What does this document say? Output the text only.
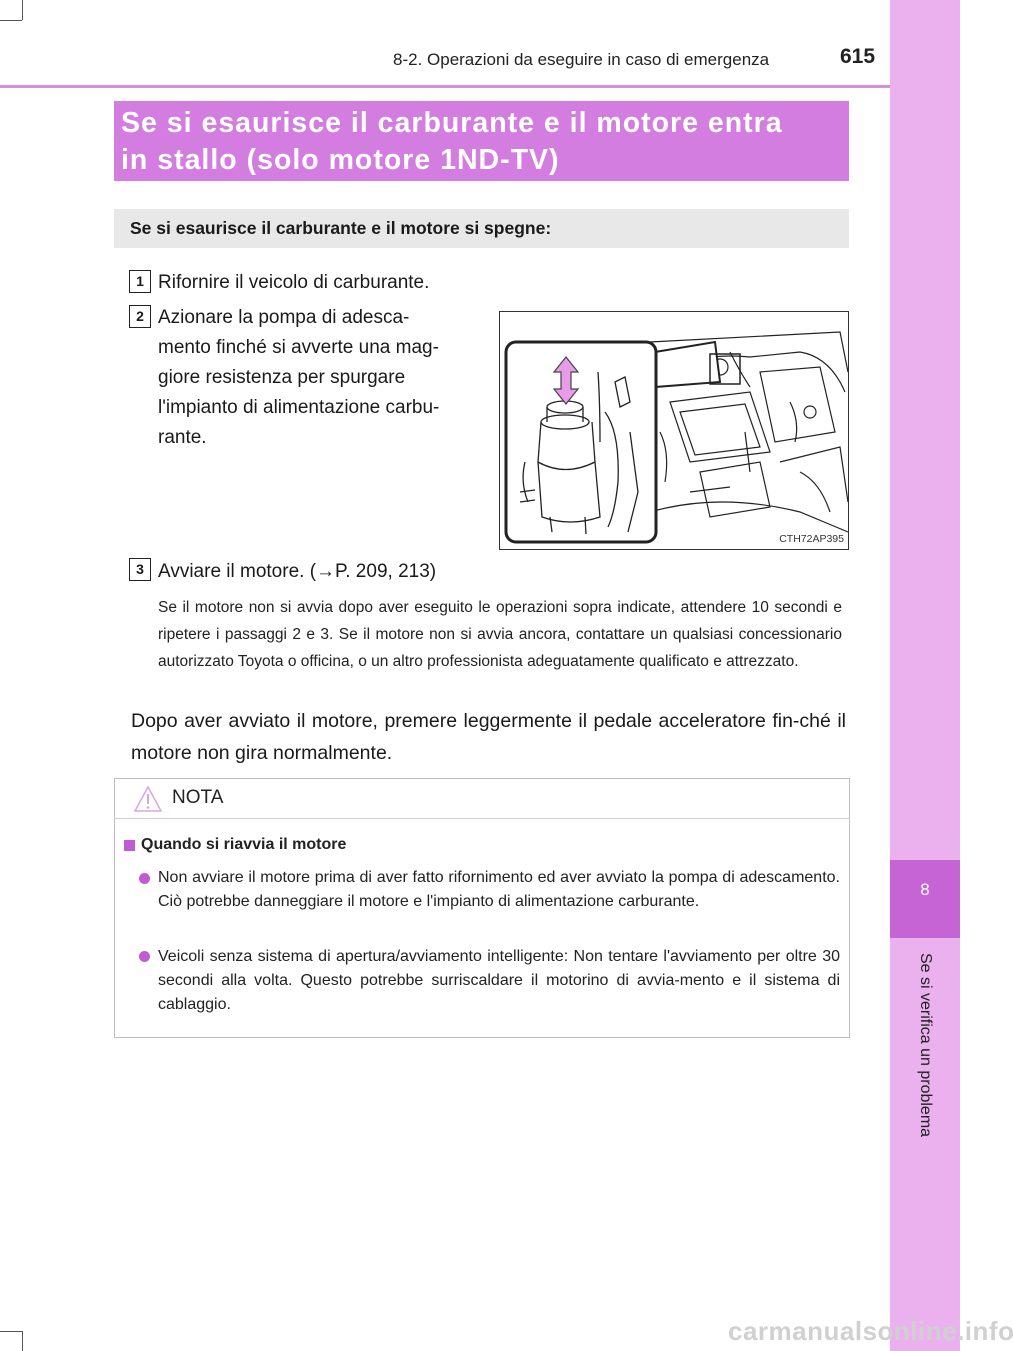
8
Se si verifica un problema
8-2. Operazioni da eseguire in caso di emergenza	615
Se si esaurisce il carburante e il motore entra
in stallo (solo motore 1ND-TV)
Se si esaurisce il carburante e il motore si spegne:
1 Rifornire il veicolo di carburante.
2 Azionare la pompa di adesca-
mento finché si avverte una mag-
giore resistenza per spurgare
l'impianto di alimentazione carbu-
rante.
CTH72AP395
3 Avviare il motore. (→P. 209, 213)
Se il motore non si avvia dopo aver eseguito le operazioni sopra indicate, attendere 10 secondi e ripetere i passaggi 2 e 3. Se il motore non si avvia ancora, contattare un qualsiasi concessionario autorizzato Toyota o officina, o un altro professionista adeguatamente qualificato e attrezzato.
Dopo aver avviato il motore, premere leggermente il pedale acceleratore fin-ché il motore non gira normalmente.
NOTA
Quando si riavvia il motore
Non avviare il motore prima di aver fatto rifornimento ed aver avviato la pompa di adescamento. Ciò potrebbe danneggiare il motore e l'impianto di alimentazione carburante.
Veicoli senza sistema di apertura/avviamento intelligente: Non tentare l'avviamento per oltre 30 secondi alla volta. Questo potrebbe surriscaldare il motorino di avvia-mento e il sistema di cablaggio.
carmanualsonline.info
